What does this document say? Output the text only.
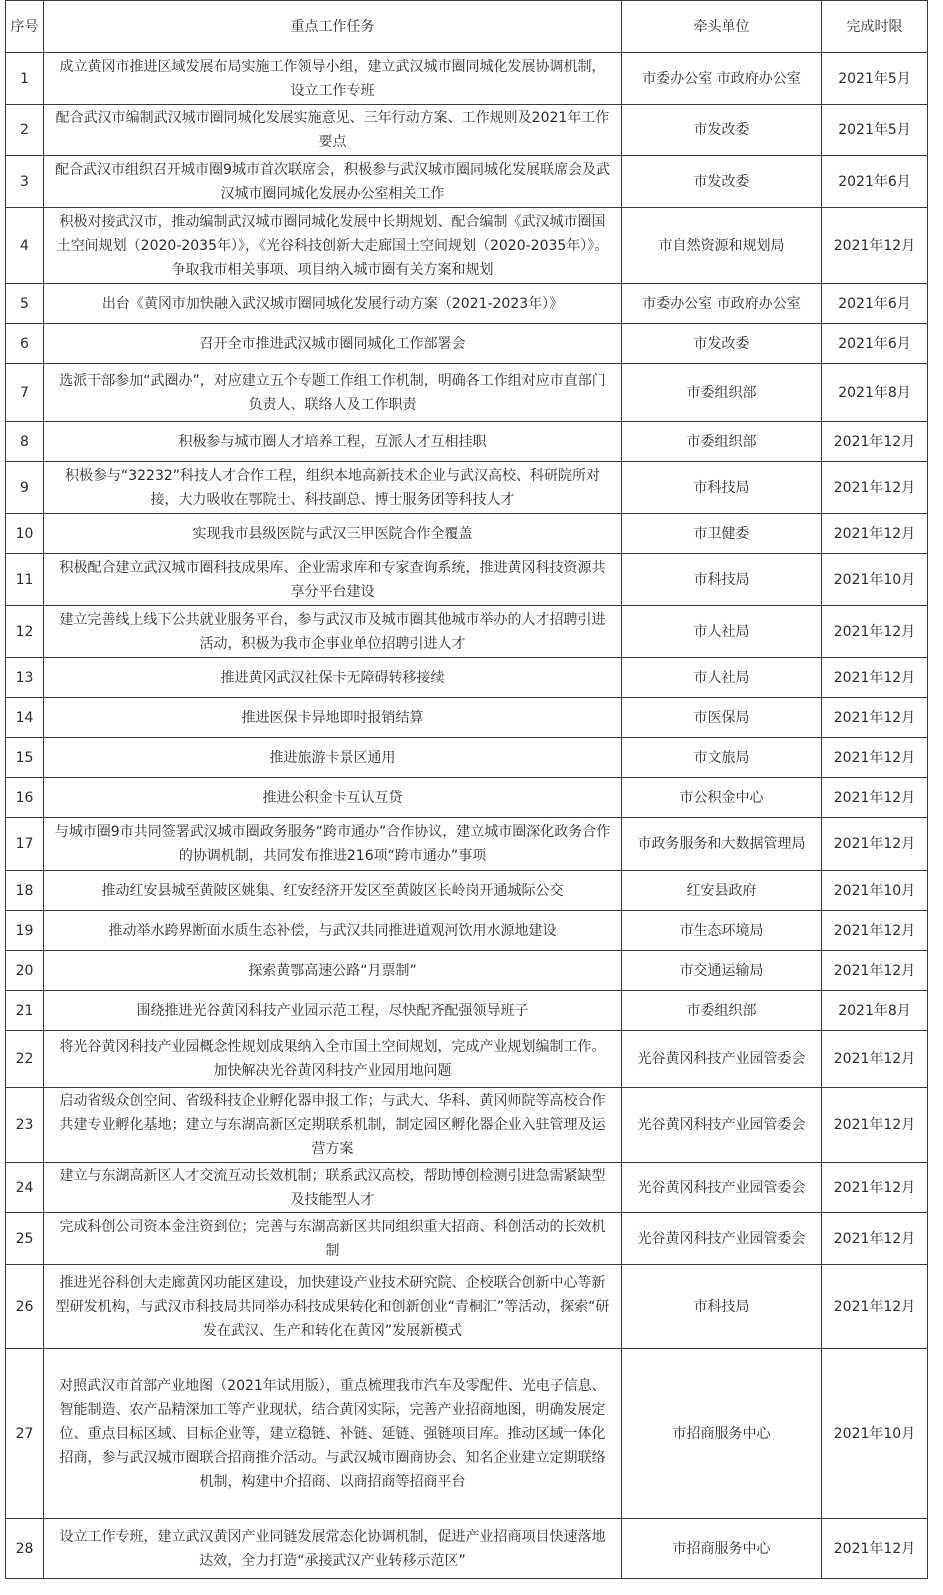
序号	重点工作任务	牵头单位	完成时限
1	成立黄冈市推进区域发展布局实施工作领导小组，建立武汉城市圈同城化发展协调机制，设立工作专班	市委办公室 市政府办公室	2021年5月
2	配合武汉市编制武汉城市圈同城化发展实施意见、三年行动方案、工作规则及2021年工作要点	市发改委	2021年5月
3	配合武汉市组织召开城市圈9城市首次联席会，积极参与武汉城市圈同城化发展联席会及武汉城市圈同城化发展办公室相关工作	市发改委	2021年6月
4	积极对接武汉市，推动编制武汉城市圈同城化发展中长期规划、配合编制《武汉城市圈国土空间规划（2020-2035年）》，《光谷科技创新大走廊国土空间规划（2020-2035年）》。争取我市相关事项、项目纳入城市圈有关方案和规划	市自然资源和规划局	2021年12月
5	出台《黄冈市加快融入武汉城市圈同城化发展行动方案（2021-2023年）》	市委办公室 市政府办公室	2021年6月
6	召开全市推进武汉城市圈同城化工作部署会	市发改委	2021年6月
7	选派干部参加“武圈办”，对应建立五个专题工作组工作机制，明确各工作组对应市直部门负责人、联络人及工作职责	市委组织部	2021年8月
8	积极参与城市圈人才培养工程，互派人才互相挂职	市委组织部	2021年12月
9	积极参与“32232”科技人才合作工程，组织本地高新技术企业与武汉高校、科研院所对接，大力吸收在鄂院士、科技副总、博士服务团等科技人才	市科技局	2021年12月
10	实现我市县级医院与武汉三甲医院合作全覆盖	市卫健委	2021年12月
11	积极配合建立武汉城市圈科技成果库、企业需求库和专家查询系统，推进黄冈科技资源共享分平台建设	市科技局	2021年10月
12	建立完善线上线下公共就业服务平台，参与武汉市及城市圈其他城市举办的人才招聘引进活动，积极为我市企事业单位招聘引进人才	市人社局	2021年12月
13	推进黄冈武汉社保卡无障碍转移接续	市人社局	2021年12月
14	推进医保卡异地即时报销结算	市医保局	2021年12月
15	推进旅游卡景区通用	市文旅局	2021年12月
16	推进公积金卡互认互贷	市公积金中心	2021年12月
17	与城市圈9市共同签署武汉城市圈政务服务“跨市通办”合作协议，建立城市圈深化政务合作的协调机制，共同发布推进216项“跨市通办”事项	市政务服务和大数据管理局	2021年12月
18	推动红安县城至黄陂区姚集、红安经济开发区至黄陂区长岭岗开通城际公交	红安县政府	2021年10月
19	推动举水跨界断面水质生态补偿，与武汉共同推进道观河饮用水源地建设	市生态环境局	2021年12月
20	探索黄鄂高速公路“月票制”	市交通运输局	2021年12月
21	围绕推进光谷黄冈科技产业园示范工程，尽快配齐配强领导班子	市委组织部	2021年8月
22	将光谷黄冈科技产业园概念性规划成果纳入全市国土空间规划，完成产业规划编制工作。加快解决光谷黄冈科技产业园用地问题	光谷黄冈科技产业园管委会	2021年12月
23	启动省级众创空间、省级科技企业孵化器申报工作；与武大、华科、黄冈师院等高校合作共建专业孵化基地；建立与东湖高新区定期联系机制，制定园区孵化器企业入驻管理及运营方案	光谷黄冈科技产业园管委会	2021年12月
24	建立与东湖高新区人才交流互动长效机制；联系武汉高校，帮助博创检测引进急需紧缺型及技能型人才	光谷黄冈科技产业园管委会	2021年12月
25	完成科创公司资本金注资到位；完善与东湖高新区共同组织重大招商、科创活动的长效机制	光谷黄冈科技产业园管委会	2021年12月
26	推进光谷科创大走廊黄冈功能区建设，加快建设产业技术研究院、企校联合创新中心等新型研发机构，与武汉市科技局共同举办科技成果转化和创新创业“青桐汇”等活动，探索“研发在武汉、生产和转化在黄冈”发展新模式	市科技局	2021年12月
27	对照武汉市首部产业地图（2021年试用版），重点梳理我市汽车及零配件、光电子信息、智能制造、农产品精深加工等产业现状，结合黄冈实际，完善产业招商地图，明确发展定位、重点目标区域、目标企业等，建立稳链、补链、延链、强链项目库。推动区域一体化招商，参与武汉城市圈联合招商推介活动。与武汉城市圈商协会、知名企业建立定期联络机制，构建中介招商、以商招商等招商平台	市招商服务中心	2021年10月
28	设立工作专班，建立武汉黄冈产业同链发展常态化协调机制，促进产业招商项目快速落地达效，全力打造“承接武汉产业转移示范区”	市招商服务中心	2021年12月
